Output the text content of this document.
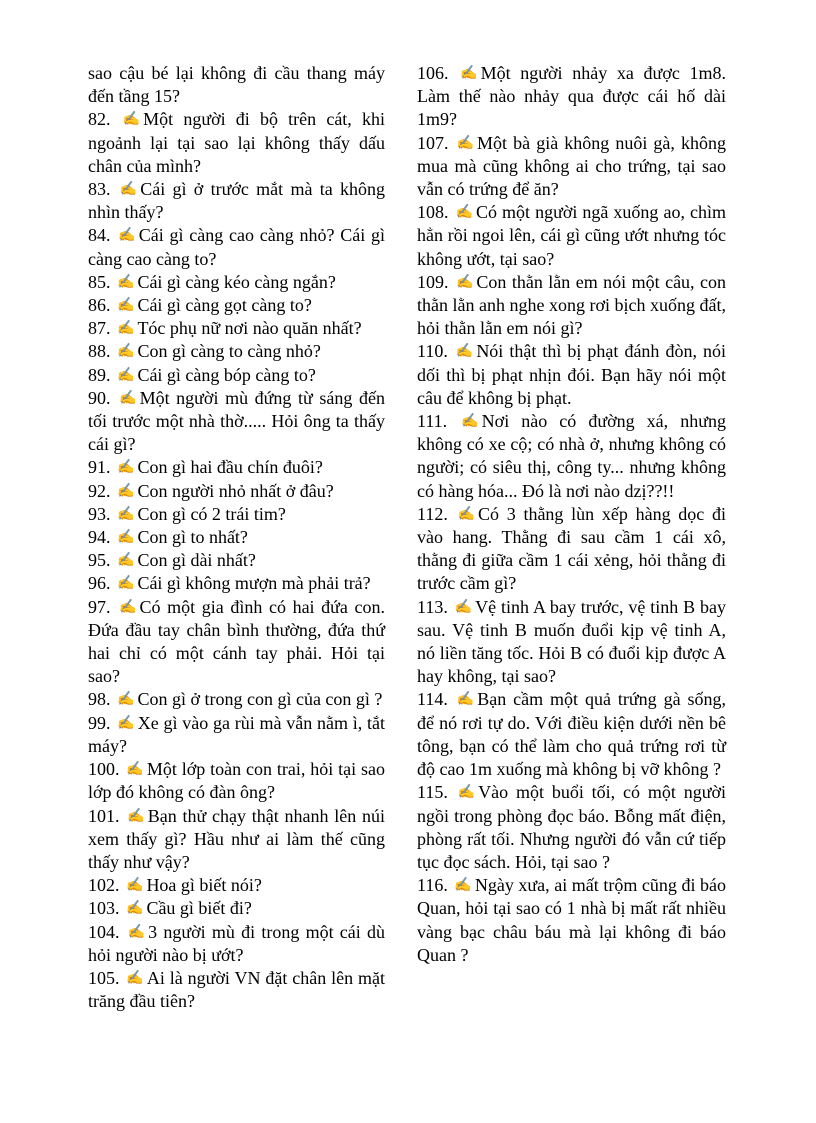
sao cậu bé lại không đi cầu thang máy đến tầng 15?

82. ✍ Một người đi bộ trên cát, khi ngoảnh lại tại sao lại không thấy dấu chân của mình?

83. ✍ Cái gì ở trước mắt mà ta không nhìn thấy?

84. ✍ Cái gì càng cao càng nhỏ? Cái gì càng cao càng to?

85. ✍ Cái gì càng kéo càng ngắn?

86. ✍ Cái gì càng gọt càng to?

87. ✍ Tóc phụ nữ nơi nào quăn nhất?

88. ✍ Con gì càng to càng nhỏ?

89. ✍ Cái gì càng bóp càng to?

90. ✍ Một người mù đứng từ sáng đến tối trước một nhà thờ..... Hỏi ông ta thấy cái gì?

91. ✍ Con gì hai đầu chín đuôi?

92. ✍ Con người nhỏ nhất ở đâu?

93. ✍ Con gì có 2 trái tim?

94. ✍ Con gì to nhất?

95. ✍ Con gì dài nhất?

96. ✍ Cái gì không mượn mà phải trả?

97. ✍ Có một gia đình có hai đứa con. Đứa đầu tay chân bình thường, đứa thứ hai chỉ có một cánh tay phải. Hỏi tại sao?

98. ✍ Con gì ở trong con gì của con gì ?

99. ✍ Xe gì vào ga rùi mà vẫn nằm ì, tắt máy?

100. ✍ Một lớp toàn con trai, hỏi tại sao lớp đó không có đàn ông?

101. ✍ Bạn thử chạy thật nhanh lên núi xem thấy gì? Hầu như ai làm thế cũng thấy như vậy?

102. ✍ Hoa gì biết nói?

103. ✍ Cầu gì biết đi?

104. ✍ 3 người mù đi trong một cái dù hỏi người nào bị ướt?

105. ✍ Ai là người VN đặt chân lên mặt trăng đầu tiên?

106. ✍ Một người nhảy xa được 1m8. Làm thế nào nhảy qua được cái hố dài 1m9?

107. ✍ Một bà già không nuôi gà, không mua mà cũng không ai cho trứng, tại sao vẫn có trứng để ăn?

108. ✍ Có một người ngã xuống ao, chìm hẳn rồi ngoi lên, cái gì cũng ướt nhưng tóc không ướt, tại sao?

109. ✍ Con thằn lằn em nói một câu, con thằn lằn anh nghe xong rơi bịch xuống đất, hỏi thằn lằn em nói gì?

110. ✍ Nói thật thì bị phạt đánh đòn, nói dối thì bị phạt nhịn đói. Bạn hãy nói một câu để không bị phạt.

111. ✍ Nơi nào có đường xá, nhưng không có xe cộ; có nhà ở, nhưng không có người; có siêu thị, công ty... nhưng không có hàng hóa... Đó là nơi nào dzị??!!

112. ✍ Có 3 thằng lùn xếp hàng dọc đi vào hang. Thằng đi sau cầm 1 cái xô, thằng đi giữa cầm 1 cái xẻng, hỏi thằng đi trước cầm gì?

113. ✍ Vệ tinh A bay trước, vệ tinh B bay sau. Vệ tinh B muốn đuổi kịp vệ tinh A, nó liền tăng tốc. Hỏi B có đuổi kịp được A hay không, tại sao?

114. ✍ Bạn cầm một quả trứng gà sống, để nó rơi tự do. Với điều kiện dưới nền bê tông, bạn có thể làm cho quả trứng rơi từ độ cao 1m xuống mà không bị vỡ không ?

115. ✍ Vào một buổi tối, có một người ngồi trong phòng đọc báo. Bỗng mất điện, phòng rất tối. Nhưng người đó vẫn cứ tiếp tục đọc sách. Hỏi, tại sao ?

116. ✍ Ngày xưa, ai mất trộm cũng đi báo Quan, hỏi tại sao có 1 nhà bị mất rất nhiều vàng bạc châu báu mà lại không đi báo Quan ?
